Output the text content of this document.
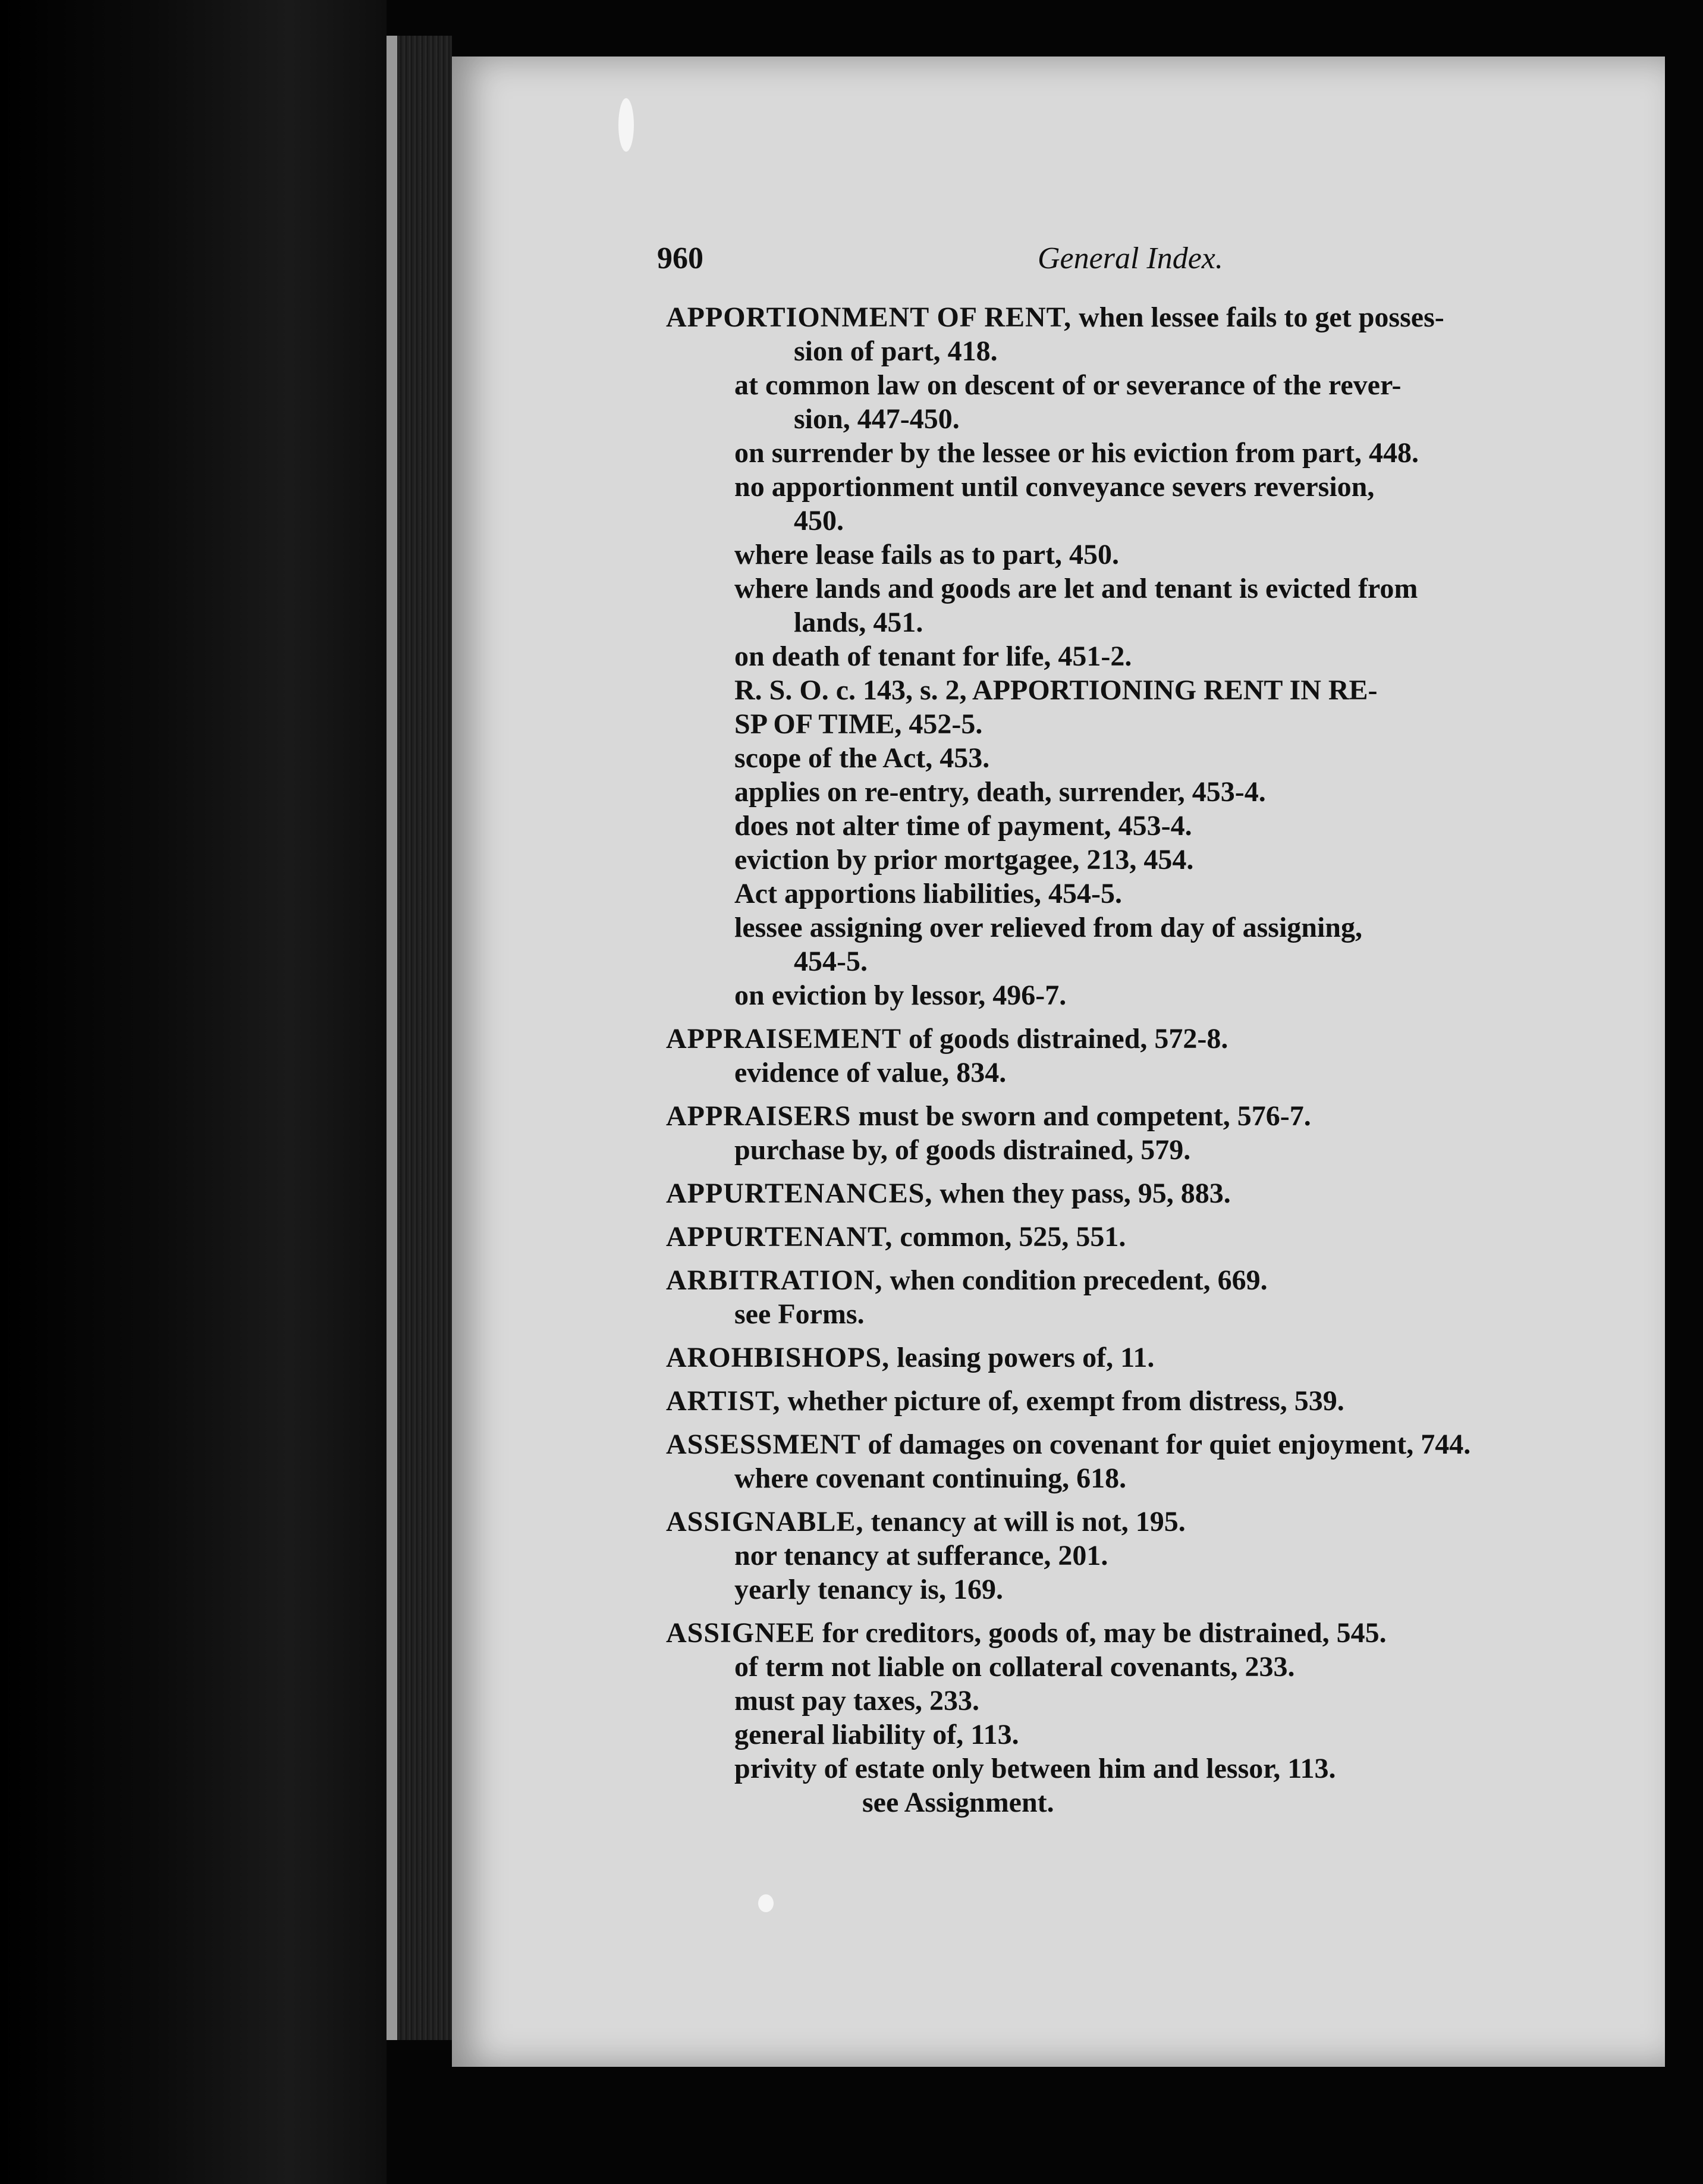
960	General Index.
APPORTIONMENT OF RENT, when lessee fails to get posses-
sion of part, 418.
at common law on descent of or severance of the rever-
sion, 447-450.
on surrender by the lessee or his eviction from part, 448.
no apportionment until conveyance severs reversion,
450.
where lease fails as to part, 450.
where lands and goods are let and tenant is evicted from
lands, 451.
on death of tenant for life, 451-2.
R. S. O. c. 143, s. 2, APPORTIONING RENT IN RE-
SP OF TIME, 452-5.
scope of the Act, 453.
applies on re-entry, death, surrender, 453-4.
does not alter time of payment, 453-4.
eviction by prior mortgagee, 213, 454.
Act apportions liabilities, 454-5.
lessee assigning over relieved from day of assigning,
454-5.
on eviction by lessor, 496-7.
APPRAISEMENT of goods distrained, 572-8.
evidence of value, 834.
APPRAISERS must be sworn and competent, 576-7.
purchase by, of goods distrained, 579.
APPURTENANCES, when they pass, 95, 883.
APPURTENANT, common, 525, 551.
ARBITRATION, when condition precedent, 669.
see Forms.
AROHBISHOPS, leasing powers of, 11.
ARTIST, whether picture of, exempt from distress, 539.
ASSESSMENT of damages on covenant for quiet enjoyment, 744.
where covenant continuing, 618.
ASSIGNABLE, tenancy at will is not, 195.
nor tenancy at sufferance, 201.
yearly tenancy is, 169.
ASSIGNEE for creditors, goods of, may be distrained, 545.
of term not liable on collateral covenants, 233.
must pay taxes, 233.
general liability of, 113.
privity of estate only between him and lessor, 113.
see Assignment.
